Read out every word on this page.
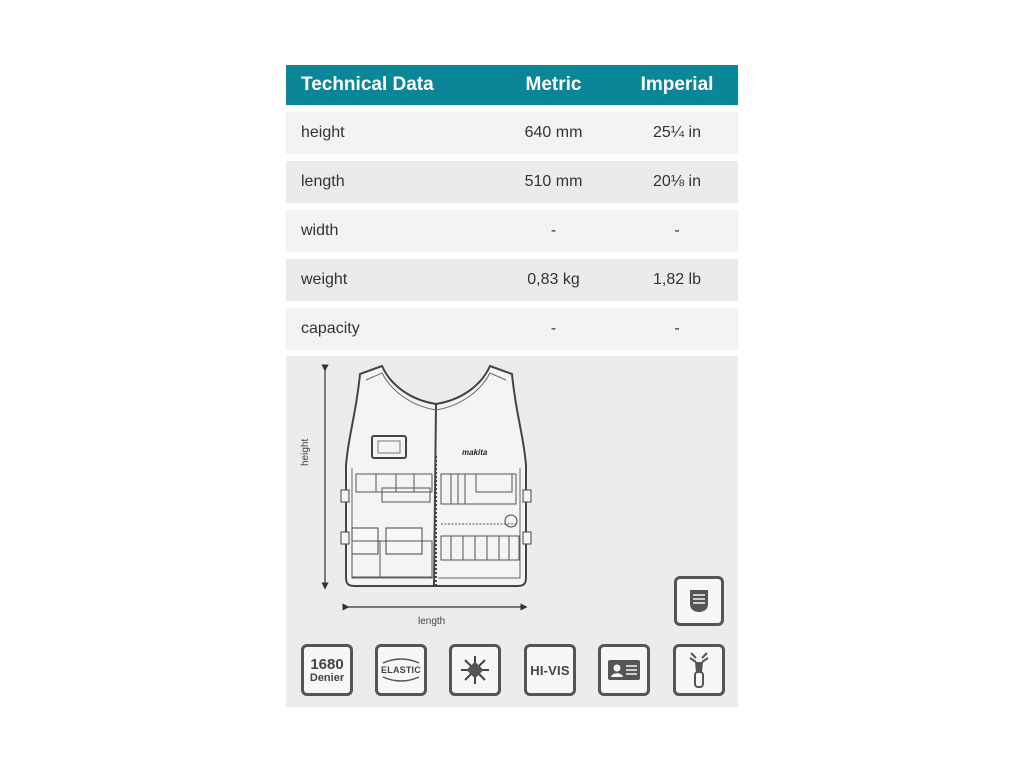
Technical Data	Metric	Imperial
height	640 mm	25¼ in
length	510 mm	20⅛ in
width	-	-
weight	0,83 kg	1,82 lb
capacity	-	-
makita
height
length
1680
Denier
ELASTIC	HI-VIS
